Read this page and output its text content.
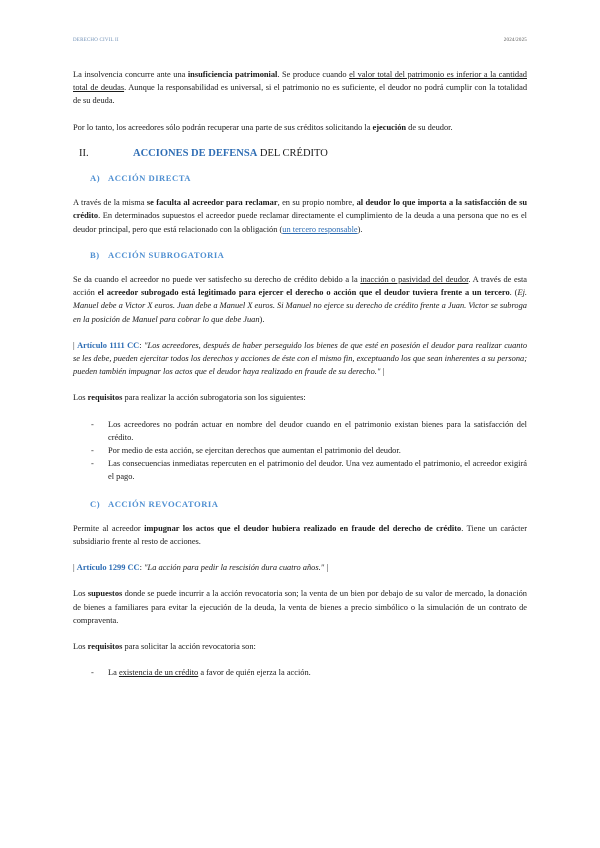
DERECHO CIVIL II	2024/2025

La insolvencia concurre ante una insuficiencia patrimonial. Se produce cuando el valor total del patrimonio es inferior a la cantidad total de deudas. Aunque la responsabilidad es universal, si el patrimonio no es suficiente, el deudor no podrá cumplir con la totalidad de su deuda.

Por lo tanto, los acreedores sólo podrán recuperar una parte de sus créditos solicitando la ejecución de su deudor.

II.	ACCIONES DE DEFENSA DEL CRÉDITO
A) ACCIÓN DIRECTA

A través de la misma se faculta al acreedor para reclamar, en su propio nombre, al deudor lo que importa a la satisfacción de su crédito. En determinados supuestos el acreedor puede reclamar directamente el cumplimiento de la deuda a una persona que no es el deudor principal, pero que está relacionado con la obligación (un tercero responsable).

B) ACCIÓN SUBROGATORIA

Se da cuando el acreedor no puede ver satisfecho su derecho de crédito debido a la inacción o pasividad del deudor. A través de esta acción el acreedor subrogado está legitimado para ejercer el derecho o acción que el deudor tuviera frente a un tercero. (Ej. Manuel debe a Victor X euros. Juan debe a Manuel X euros. Si Manuel no ejerce su derecho de crédito frente a Juan. Victor se subroga en la posición de Manuel para cobrar lo que debe Juan).

| Artículo 1111 CC: "Los acreedores, después de haber perseguido los bienes de que esté en posesión el deudor para realizar cuanto se les debe, pueden ejercitar todos los derechos y acciones de éste con el mismo fin, exceptuando los que sean inherentes a su persona; pueden también impugnar los actos que el deudor haya realizado en fraude de su derecho." |

Los requisitos para realizar la acción subrogatoria son los siguientes:

- Los acreedores no podrán actuar en nombre del deudor cuando en el patrimonio existan bienes para la satisfacción del crédito.
- Por medio de esta acción, se ejercitan derechos que aumentan el patrimonio del deudor.
- Las consecuencias inmediatas repercuten en el patrimonio del deudor. Una vez aumentado el patrimonio, el acreedor exigirá el pago.
C) ACCIÓN REVOCATORIA

Permite al acreedor impugnar los actos que el deudor hubiera realizado en fraude del derecho de crédito. Tiene un carácter subsidiario frente al resto de acciones.

| Artículo 1299 CC: "La acción para pedir la rescisión dura cuatro años." |

Los supuestos donde se puede incurrir a la acción revocatoria son; la venta de un bien por debajo de su valor de mercado, la donación de bienes a familiares para evitar la ejecución de la deuda, la venta de bienes a precio simbólico o la simulación de un contrato de compraventa.

Los requisitos para solicitar la acción revocatoria son:

- La existencia de un crédito a favor de quién ejerza la acción.
